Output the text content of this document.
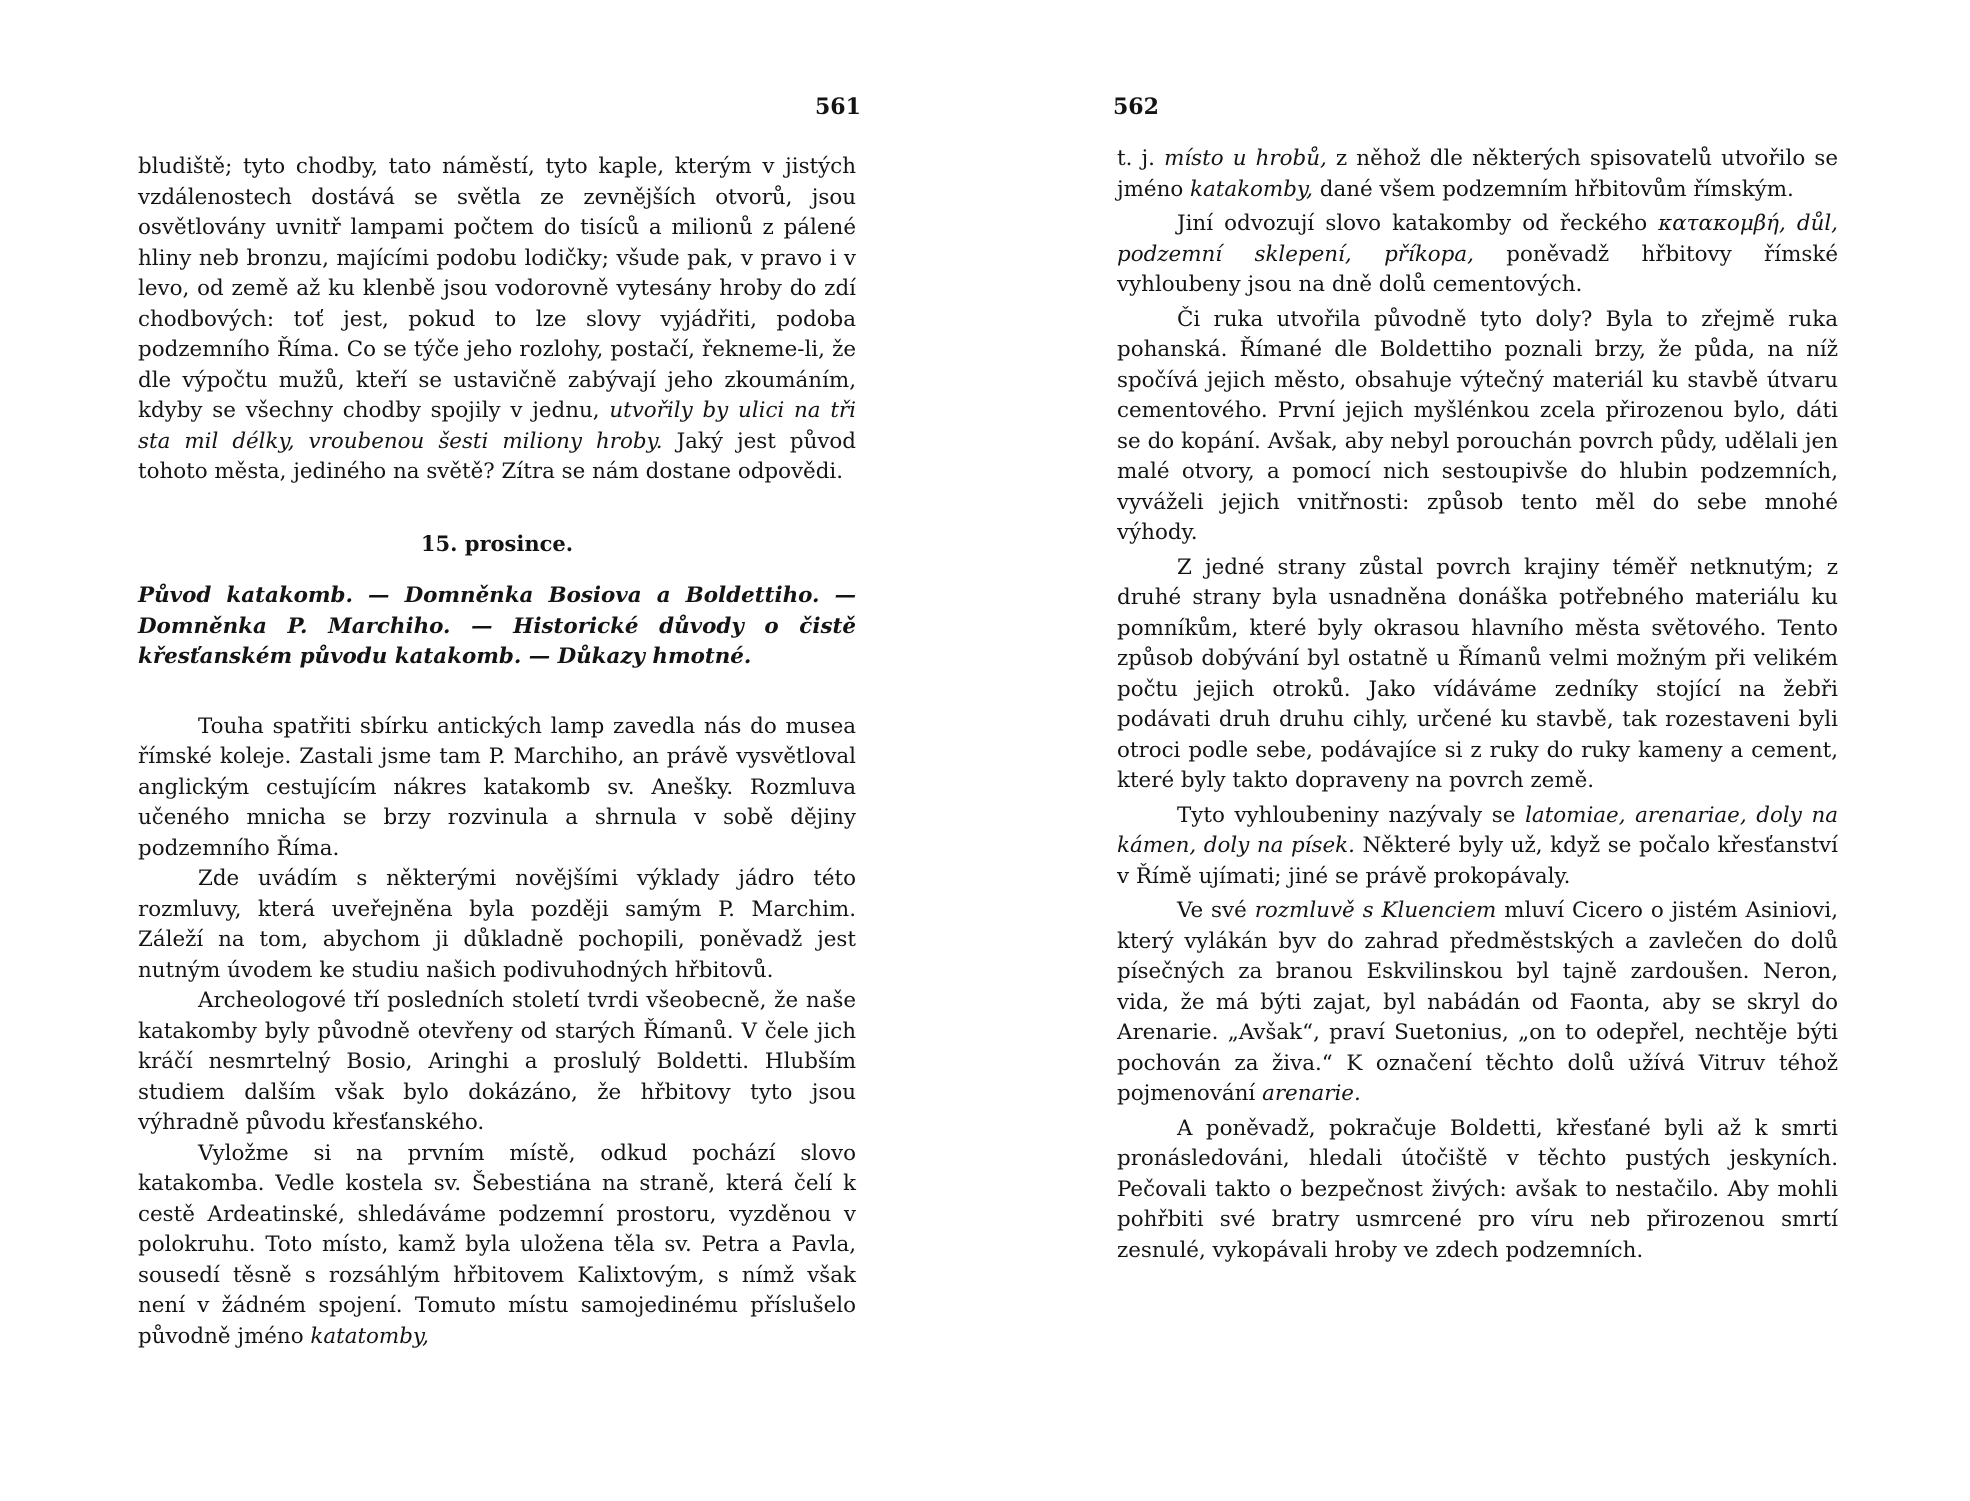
561

bludiště; tyto chodby, tato náměstí, tyto kaple, kterým v jistých vzdálenostech dostává se světla ze zevnějších otvorů, jsou osvětlovány uvnitř lampami počtem do tisíců a milionů z pálené hliny neb bronzu, majícími podobu lodičky; všude pak, v pravo i v levo, od země až ku klenbě jsou vodorovně vytesány hroby do zdí chodbových: toť jest, pokud to lze slovy vyjádřiti, podoba podzemního Říma. Co se týče jeho rozlohy, postačí, řekneme-li, že dle výpočtu mužů, kteří se ustavičně zabývají jeho zkoumáním, kdyby se všechny chodby spojily v jednu, utvořily by ulici na tři sta mil délky, vroubenou šesti miliony hroby. Jaký jest původ tohoto města, jediného na světě? Zítra se nám dostane odpovědi.

15. prosince.

Původ katakomb. — Domněnka Bosiova a Boldettiho. — Domněnka P. Marchiho. — Historické důvody o čistě křesťanském původu katakomb. — Důkazy hmotné.

Touha spatřiti sbírku antických lamp zavedla nás do musea římské koleje. Zastali jsme tam P. Marchiho, an právě vysvětloval anglickým cestujícím nákres katakomb sv. Anešky. Rozmluva učeného mnicha se brzy rozvinula a shrnula v sobě dějiny podzemního Říma.

Zde uvádím s některými novějšími výklady jádro této rozmluvy, která uveřejněna byla později samým P. Marchim. Záleží na tom, abychom ji důkladně pochopili, poněvadž jest nutným úvodem ke studiu našich podivuhodných hřbitovů.

Archeologové tří posledních století tvrdi všeobecně, že naše katakomby byly původně otevřeny od starých Římanů. V čele jich kráčí nesmrtelný Bosio, Aringhi a proslulý Boldetti. Hlubším studiem dalším však bylo dokázáno, že hřbitovy tyto jsou výhradně původu křesťanského.

Vyložme si na prvním místě, odkud pochází slovo katakomba. Vedle kostela sv. Šebestiána na straně, která čelí k cestě Ardeatinské, shledáváme podzemní prostoru, vyzděnou v polokruhu. Toto místo, kamž byla uložena těla sv. Petra a Pavla, sousedí těsně s rozsáhlým hřbitovem Kalixtovým, s nímž však není v žádném spojení. Tomuto místu samojedinému příslušelo původně jméno katatomby,

562

t. j. místo u hrobů, z něhož dle některých spisovatelů utvořilo se jméno katakomby, dané všem podzemním hřbitovům římským.

Jiní odvozují slovo katakomby od řeckého κατακομβή, důl, podzemní sklepení, příkopa, poněvadž hřbitovy římské vyhloubeny jsou na dně dolů cementových.

Či ruka utvořila původně tyto doly? Byla to zřejmě ruka pohanská. Římané dle Boldettiho poznali brzy, že půda, na níž spočívá jejich město, obsahuje výtečný materiál ku stavbě útvaru cementového. První jejich myšlénkou zcela přirozenou bylo, dáti se do kopání. Avšak, aby nebyl porouchán povrch půdy, udělali jen malé otvory, a pomocí nich sestoupivše do hlubin podzemních, vyváželi jejich vnitřnosti: způsob tento měl do sebe mnohé výhody.

Z jedné strany zůstal povrch krajiny téměř netknutým; z druhé strany byla usnadněna donáška potřebného materiálu ku pomníkům, které byly okrasou hlavního města světového. Tento způsob dobývání byl ostatně u Římanů velmi možným při velikém počtu jejich otroků. Jako vídáváme zedníky stojící na žebři podávati druh druhu cihly, určené ku stavbě, tak rozestaveni byli otroci podle sebe, podávajíce si z ruky do ruky kameny a cement, které byly takto dopraveny na povrch země.

Tyto vyhloubeniny nazývaly se latomiae, arenariae, doly na kámen, doly na písek. Některé byly už, když se počalo křesťanství v Římě ujímati; jiné se právě prokopávaly.

Ve své rozmluvě s Kluenciem mluví Cicero o jistém Asiniovi, který vylákán byv do zahrad předměstských a zavlečen do dolů písečných za branou Eskvilinskou byl tajně zardoušen. Neron, vida, že má býti zajat, byl nabádán od Faonta, aby se skryl do Arenarie. „Avšak“, praví Suetonius, „on to odepřel, nechtěje býti pochován za živa.“ K označení těchto dolů užívá Vitruv téhož pojmenování arenarie.

A poněvadž, pokračuje Boldetti, křesťané byli až k smrti pronásledováni, hledali útočiště v těchto pustých jeskyních. Pečovali takto o bezpečnost živých: avšak to nestačilo. Aby mohli pohřbiti své bratry usmrcené pro víru neb přirozenou smrtí zesnulé, vykopávali hroby ve zdech podzemních.
